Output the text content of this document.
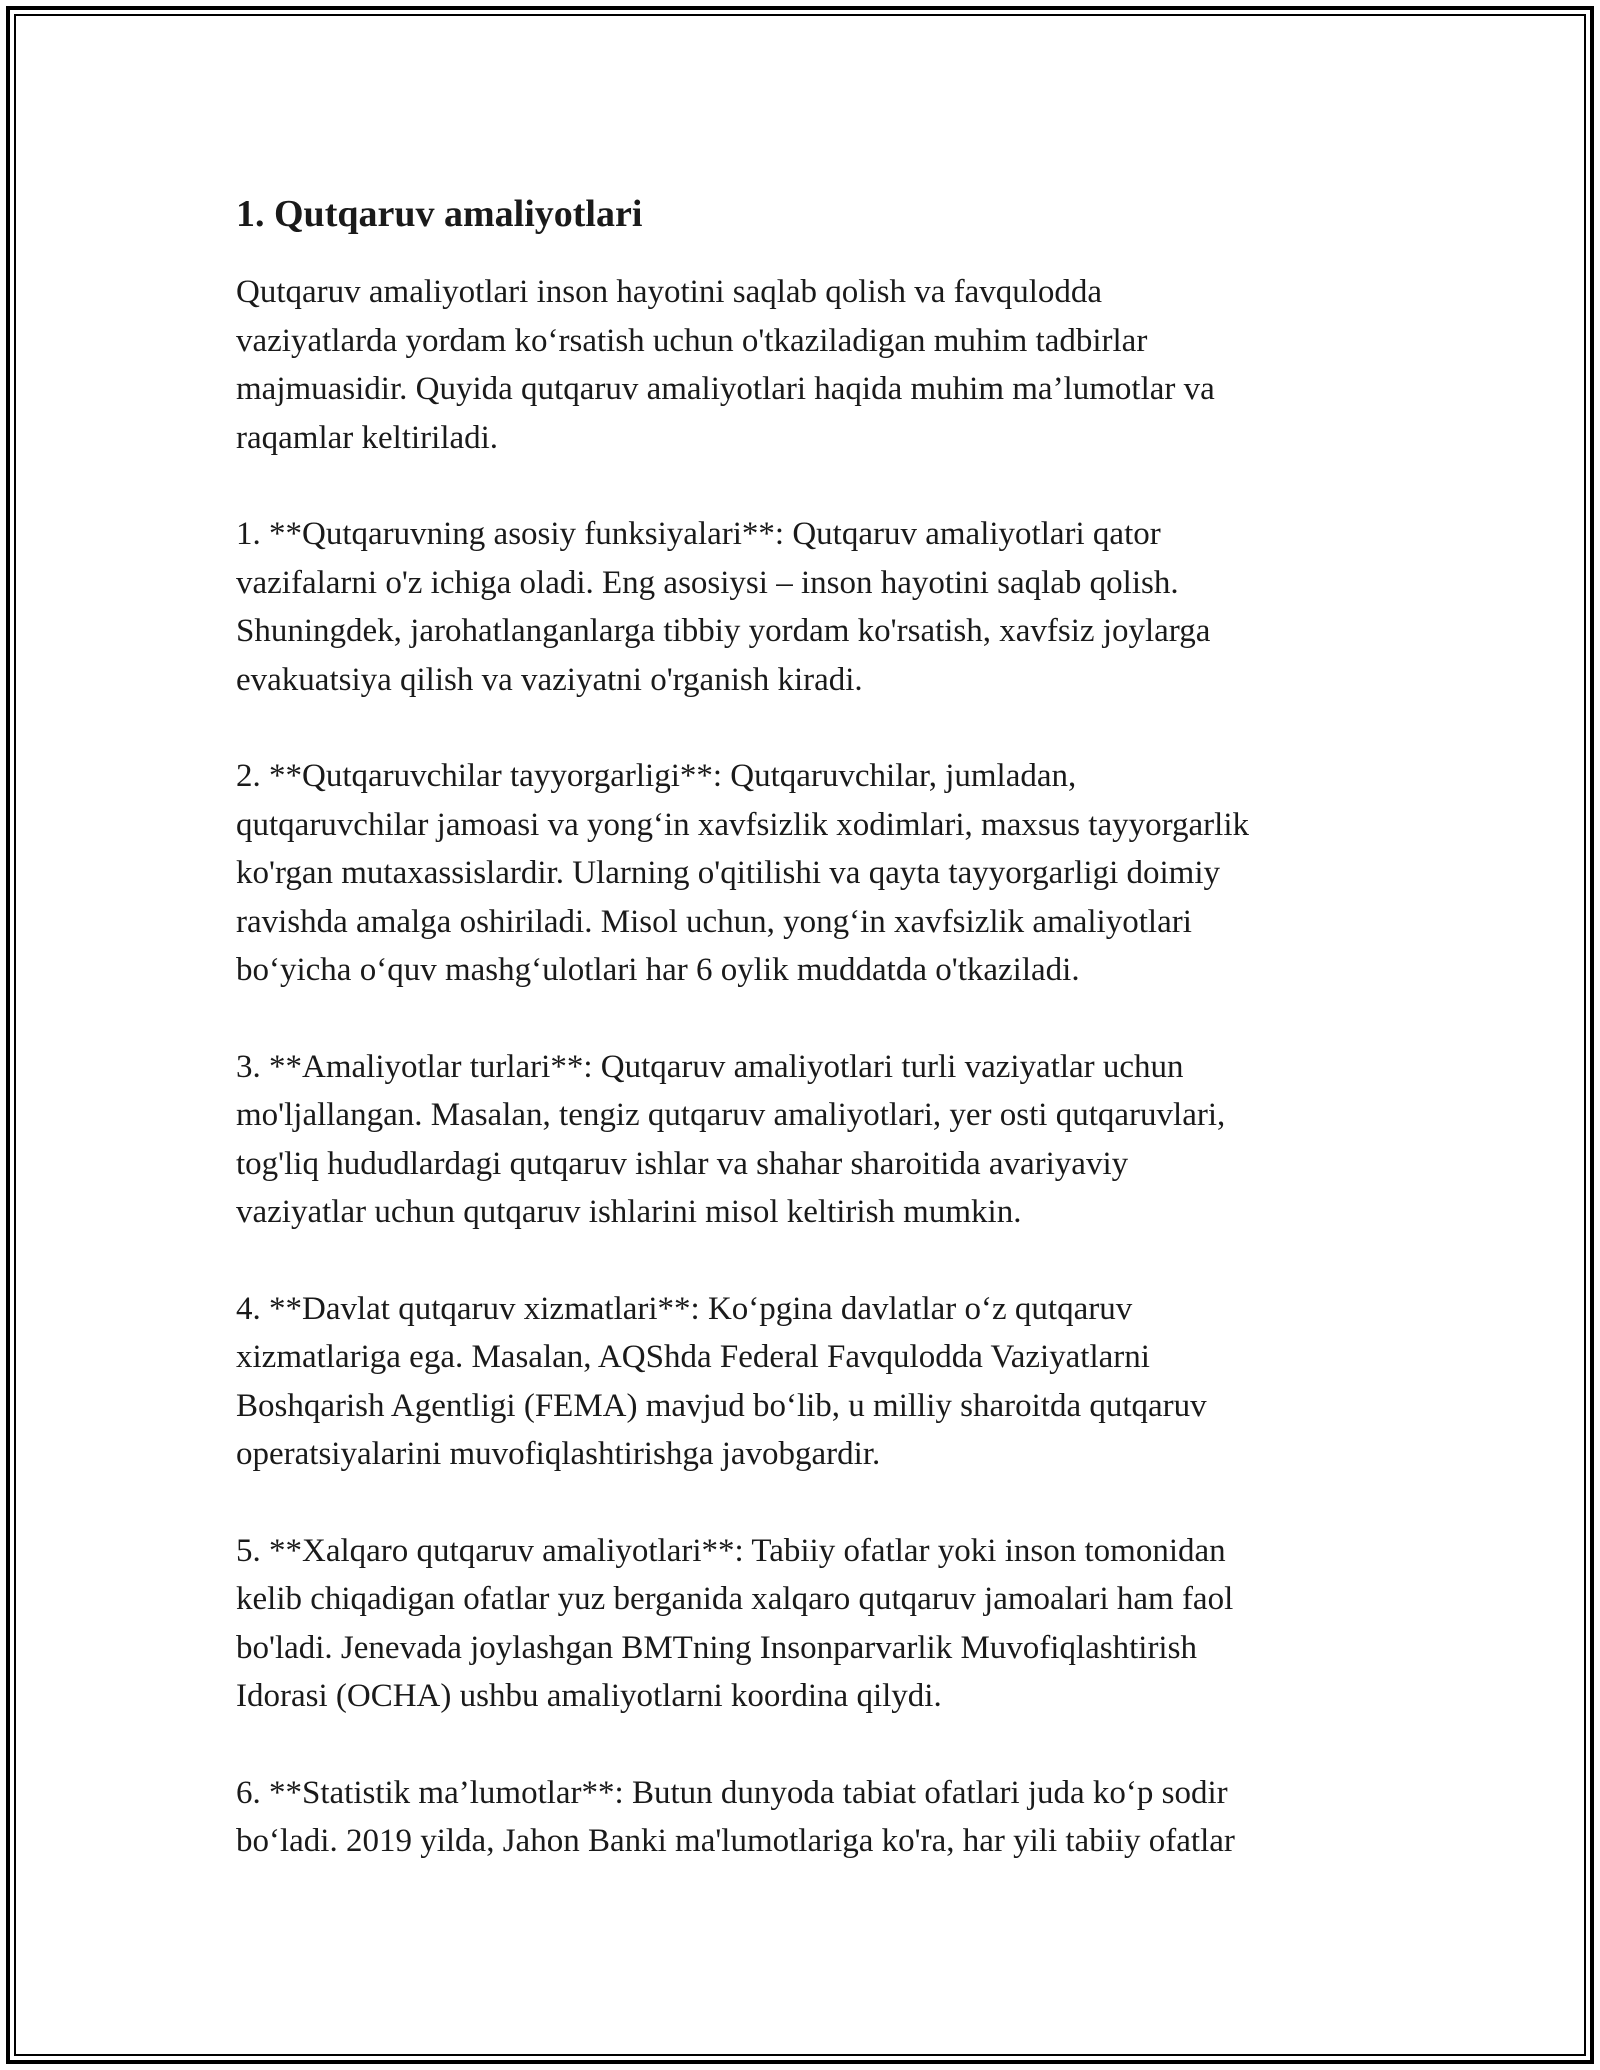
1. Qutqaruv amaliyotlari

Qutqaruv amaliyotlari inson hayotini saqlab qolish va favqulodda
vaziyatlarda yordam ko‘rsatish uchun o'tkaziladigan muhim tadbirlar
majmuasidir. Quyida qutqaruv amaliyotlari haqida muhim ma’lumotlar va
raqamlar keltiriladi.

1. **Qutqaruvning asosiy funksiyalari**: Qutqaruv amaliyotlari qator
vazifalarni o'z ichiga oladi. Eng asosiysi – inson hayotini saqlab qolish.
Shuningdek, jarohatlanganlarga tibbiy yordam ko'rsatish, xavfsiz joylarga
evakuatsiya qilish va vaziyatni o'rganish kiradi.

2. **Qutqaruvchilar tayyorgarligi**: Qutqaruvchilar, jumladan,
qutqaruvchilar jamoasi va yong‘in xavfsizlik xodimlari, maxsus tayyorgarlik
ko'rgan mutaxassislardir. Ularning o'qitilishi va qayta tayyorgarligi doimiy
ravishda amalga oshiriladi. Misol uchun, yong‘in xavfsizlik amaliyotlari
bo‘yicha o‘quv mashg‘ulotlari har 6 oylik muddatda o'tkaziladi.

3. **Amaliyotlar turlari**: Qutqaruv amaliyotlari turli vaziyatlar uchun
mo'ljallangan. Masalan, tengiz qutqaruv amaliyotlari, yer osti qutqaruvlari,
tog'liq hududlardagi qutqaruv ishlar va shahar sharoitida avariyaviy
vaziyatlar uchun qutqaruv ishlarini misol keltirish mumkin.

4. **Davlat qutqaruv xizmatlari**: Ko‘pgina davlatlar o‘z qutqaruv
xizmatlariga ega. Masalan, AQShda Federal Favqulodda Vaziyatlarni
Boshqarish Agentligi (FEMA) mavjud bo‘lib, u milliy sharoitda qutqaruv
operatsiyalarini muvofiqlashtirishga javobgardir.

5. **Xalqaro qutqaruv amaliyotlari**: Tabiiy ofatlar yoki inson tomonidan
kelib chiqadigan ofatlar yuz berganida xalqaro qutqaruv jamoalari ham faol
bo'ladi. Jenevada joylashgan BMTning Insonparvarlik Muvofiqlashtirish
Idorasi (OCHA) ushbu amaliyotlarni koordina qilydi.

6. **Statistik ma’lumotlar**: Butun dunyoda tabiat ofatlari juda ko‘p sodir
bo‘ladi. 2019 yilda, Jahon Banki ma'lumotlariga ko'ra, har yili tabiiy ofatlar
